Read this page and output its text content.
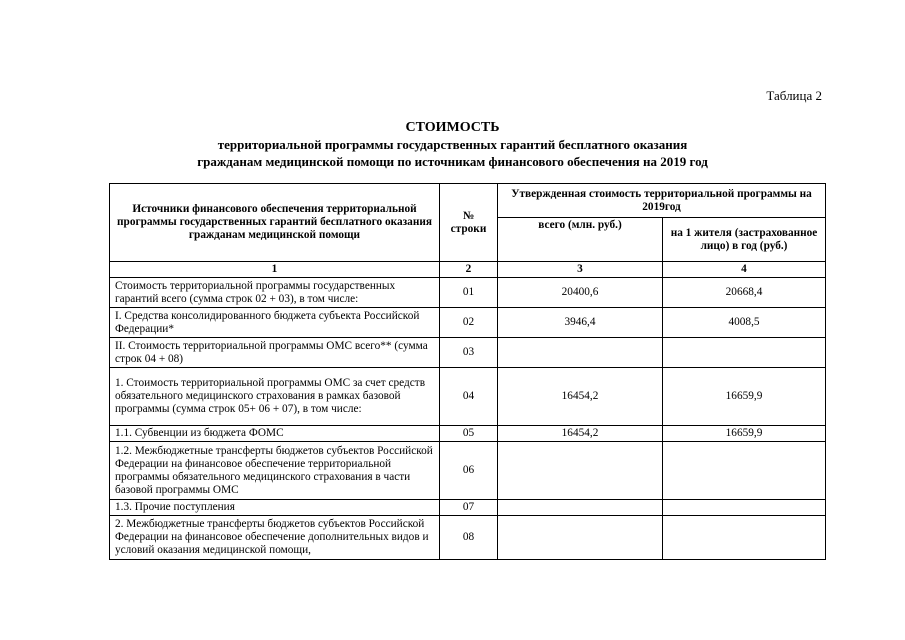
Таблица 2
СТОИМОСТЬ
территориальной программы государственных гарантий бесплатного оказания
гражданам медицинской помощи по источникам финансового обеспечения на 2019 год
Источники финансового обеспечения территориальной программы государственных гарантий бесплатного оказания гражданам медицинской помощи	№ строки	Утвержденная стоимость территориальной программы на 2019год	
		всего (млн. руб.)	на 1 жителя (застрахованное лицо) в год (руб.)
1	2	3	4
Стоимость территориальной программы государственных гарантий всего (сумма строк 02 + 03), в том числе:	01	20400,6	20668,4
I. Средства консолидированного бюджета субъекта Российской Федерации*	02	3946,4	4008,5
II. Стоимость территориальной программы ОМС всего** (сумма строк 04 + 08)	03		
1. Стоимость территориальной программы ОМС за счет средств обязательного медицинского страхования в рамках базовой программы (сумма строк 05+ 06 + 07), в том числе:	04	16454,2	16659,9
1.1. Субвенции из бюджета ФОМС	05	16454,2	16659,9
1.2. Межбюджетные трансферты бюджетов субъектов Российской Федерации на финансовое обеспечение территориальной программы обязательного медицинского страхования в части базовой программы ОМС	06		
1.3. Прочие поступления	07		
2. Межбюджетные трансферты бюджетов субъектов Российской Федерации на финансовое обеспечение дополнительных видов и условий оказания медицинской помощи,	08		
